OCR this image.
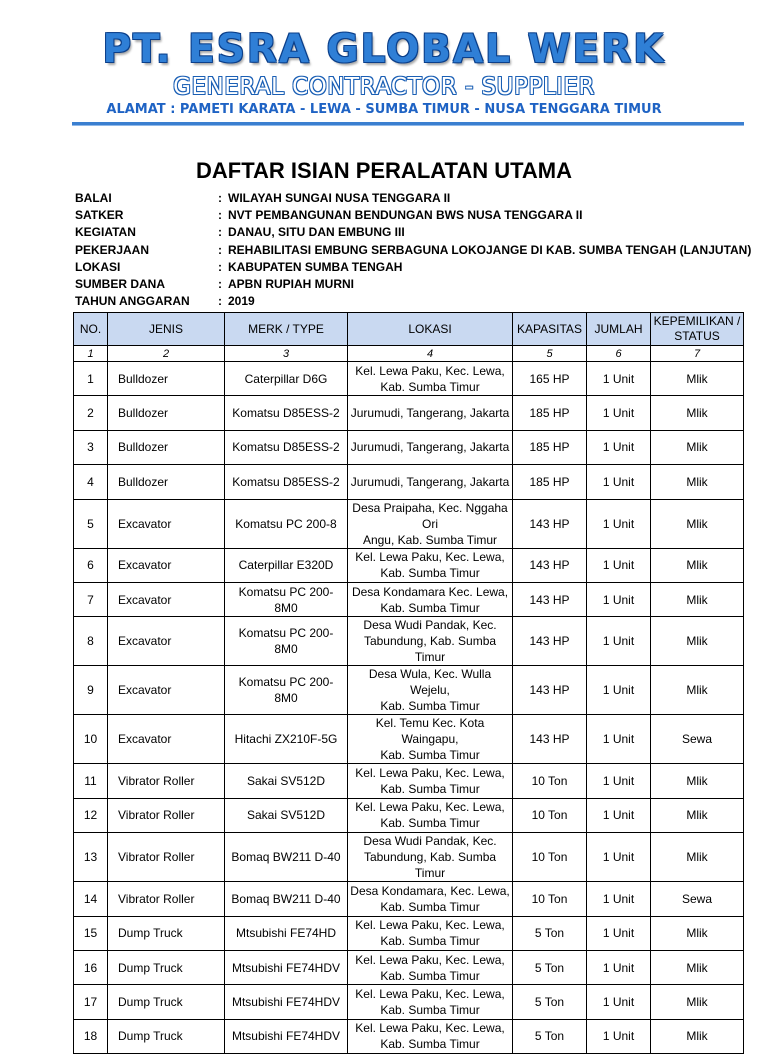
PT. ESRA GLOBAL WERK
GENERAL CONTRACTOR - SUPPLIER
ALAMAT : PAMETI KARATA - LEWA - SUMBA TIMUR - NUSA TENGGARA TIMUR
DAFTAR ISIAN PERALATAN UTAMA
BALAI	: WILAYAH SUNGAI NUSA TENGGARA II
SATKER	: NVT PEMBANGUNAN BENDUNGAN BWS NUSA TENGGARA II
KEGIATAN	: DANAU, SITU DAN EMBUNG III
PEKERJAAN	: REHABILITASI EMBUNG SERBAGUNA LOKOJANGE DI KAB. SUMBA TENGAH (LANJUTAN)
LOKASI	: KABUPATEN SUMBA TENGAH
SUMBER DANA	: APBN RUPIAH MURNI
TAHUN ANGGARAN : 2019
NO.	JENIS	MERK / TYPE	LOKASI	KAPASITAS	JUMLAH	KEPEMILIKAN /
STATUS
1	2	3	4	5	6	7
1	Bulldozer	Caterpillar D6G	Kel. Lewa Paku, Kec. Lewa,
Kab. Sumba Timur	165 HP	1 Unit	Mlik
2	Bulldozer	Komatsu D85ESS-2	Jurumudi, Tangerang, Jakarta	185 HP	1 Unit	Mlik
3	Bulldozer	Komatsu D85ESS-2	Jurumudi, Tangerang, Jakarta	185 HP	1 Unit	Mlik
4	Bulldozer	Komatsu D85ESS-2	Jurumudi, Tangerang, Jakarta	185 HP	1 Unit	Mlik
5	Excavator	Komatsu PC 200-8	Desa Praipaha, Kec. Nggaha Ori
Angu, Kab. Sumba Timur	143 HP	1 Unit	Mlik
6	Excavator	Caterpillar E320D	Kel. Lewa Paku, Kec. Lewa,
Kab. Sumba Timur	143 HP	1 Unit	Mlik
7	Excavator	Komatsu PC 200-8M0	Desa Kondamara Kec. Lewa,
Kab. Sumba Timur	143 HP	1 Unit	Mlik
8	Excavator	Komatsu PC 200-8M0	Desa Wudi Pandak, Kec.
Tabundung, Kab. Sumba Timur	143 HP	1 Unit	Mlik
9	Excavator	Komatsu PC 200-8M0	Desa Wula, Kec. Wulla Wejelu,
Kab. Sumba Timur	143 HP	1 Unit	Mlik
10	Excavator	Hitachi ZX210F-5G	Kel. Temu Kec. Kota Waingapu,
Kab. Sumba Timur	143 HP	1 Unit	Sewa
11	Vibrator Roller	Sakai SV512D	Kel. Lewa Paku, Kec. Lewa,
Kab. Sumba Timur	10 Ton	1 Unit	Mlik
12	Vibrator Roller	Sakai SV512D	Kel. Lewa Paku, Kec. Lewa,
Kab. Sumba Timur	10 Ton	1 Unit	Mlik
13	Vibrator Roller	Bomaq BW211 D-40	Desa Wudi Pandak, Kec.
Tabundung, Kab. Sumba Timur	10 Ton	1 Unit	Mlik
14	Vibrator Roller	Bomaq BW211 D-40	Desa Kondamara, Kec. Lewa,
Kab. Sumba Timur	10 Ton	1 Unit	Sewa
15	Dump Truck	Mtsubishi FE74HD	Kel. Lewa Paku, Kec. Lewa,
Kab. Sumba Timur	5 Ton	1 Unit	Mlik
16	Dump Truck	Mtsubishi FE74HDV	Kel. Lewa Paku, Kec. Lewa,
Kab. Sumba Timur	5 Ton	1 Unit	Mlik
17	Dump Truck	Mtsubishi FE74HDV	Kel. Lewa Paku, Kec. Lewa,
Kab. Sumba Timur	5 Ton	1 Unit	Mlik
18	Dump Truck	Mtsubishi FE74HDV	Kel. Lewa Paku, Kec. Lewa,
Kab. Sumba Timur	5 Ton	1 Unit	Mlik
